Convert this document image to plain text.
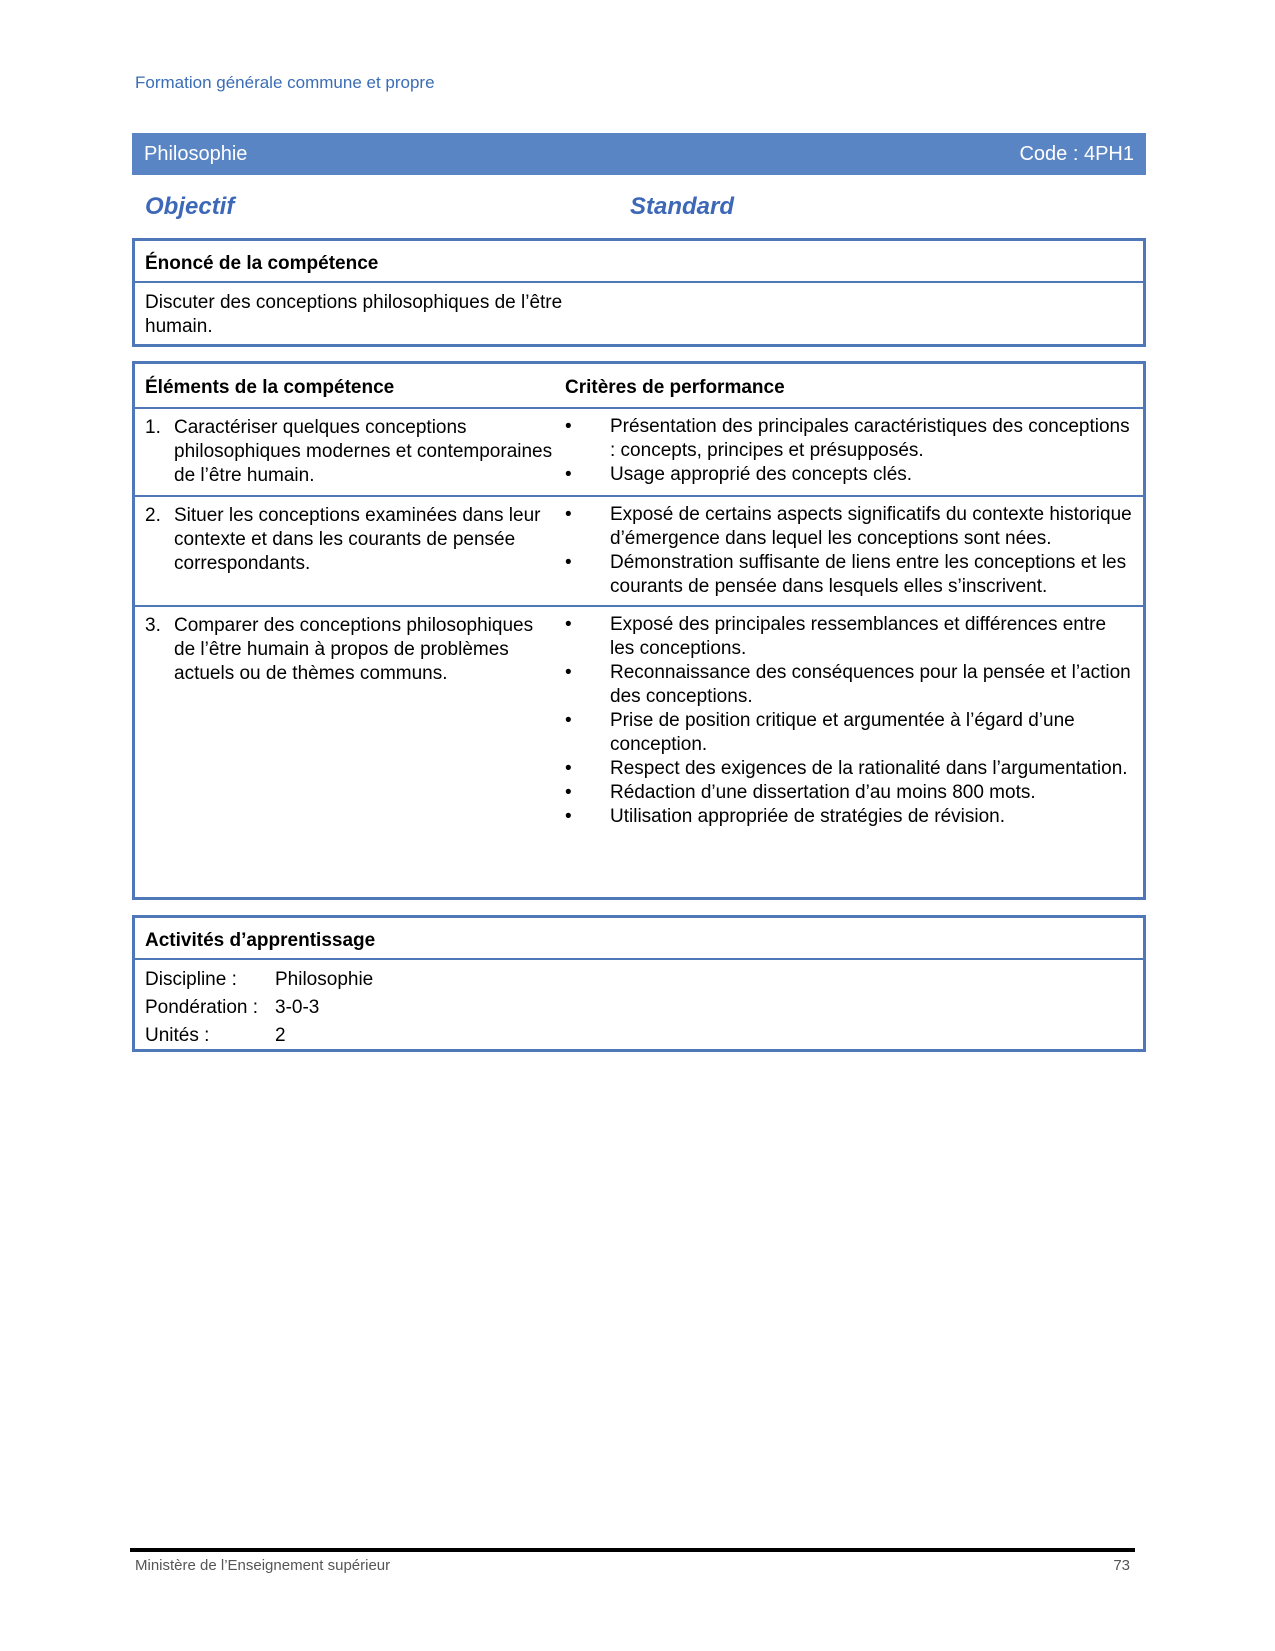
Formation générale commune et propre
Philosophie	Code : 4PH1
Objectif	Standard
Énoncé de la compétence
Discuter des conceptions philosophiques de l’être humain.
Éléments de la compétence	Critères de performance
1. Caractériser quelques conceptions philosophiques modernes et contemporaines de l’être humain.
• Présentation des principales caractéristiques des conceptions : concepts, principes et présupposés.
• Usage approprié des concepts clés.
2. Situer les conceptions examinées dans leur contexte et dans les courants de pensée correspondants.
• Exposé de certains aspects significatifs du contexte historique d’émergence dans lequel les conceptions sont nées.
• Démonstration suffisante de liens entre les conceptions et les courants de pensée dans lesquels elles s’inscrivent.
3. Comparer des conceptions philosophiques de l’être humain à propos de problèmes actuels ou de thèmes communs.
• Exposé des principales ressemblances et différences entre les conceptions.
• Reconnaissance des conséquences pour la pensée et l’action des conceptions.
• Prise de position critique et argumentée à l’égard d’une conception.
• Respect des exigences de la rationalité dans l’argumentation.
• Rédaction d’une dissertation d’au moins 800 mots.
• Utilisation appropriée de stratégies de révision.
Activités d’apprentissage
Discipline :	Philosophie
Pondération : 3-0-3
Unités :	2
Ministère de l’Enseignement supérieur	73
